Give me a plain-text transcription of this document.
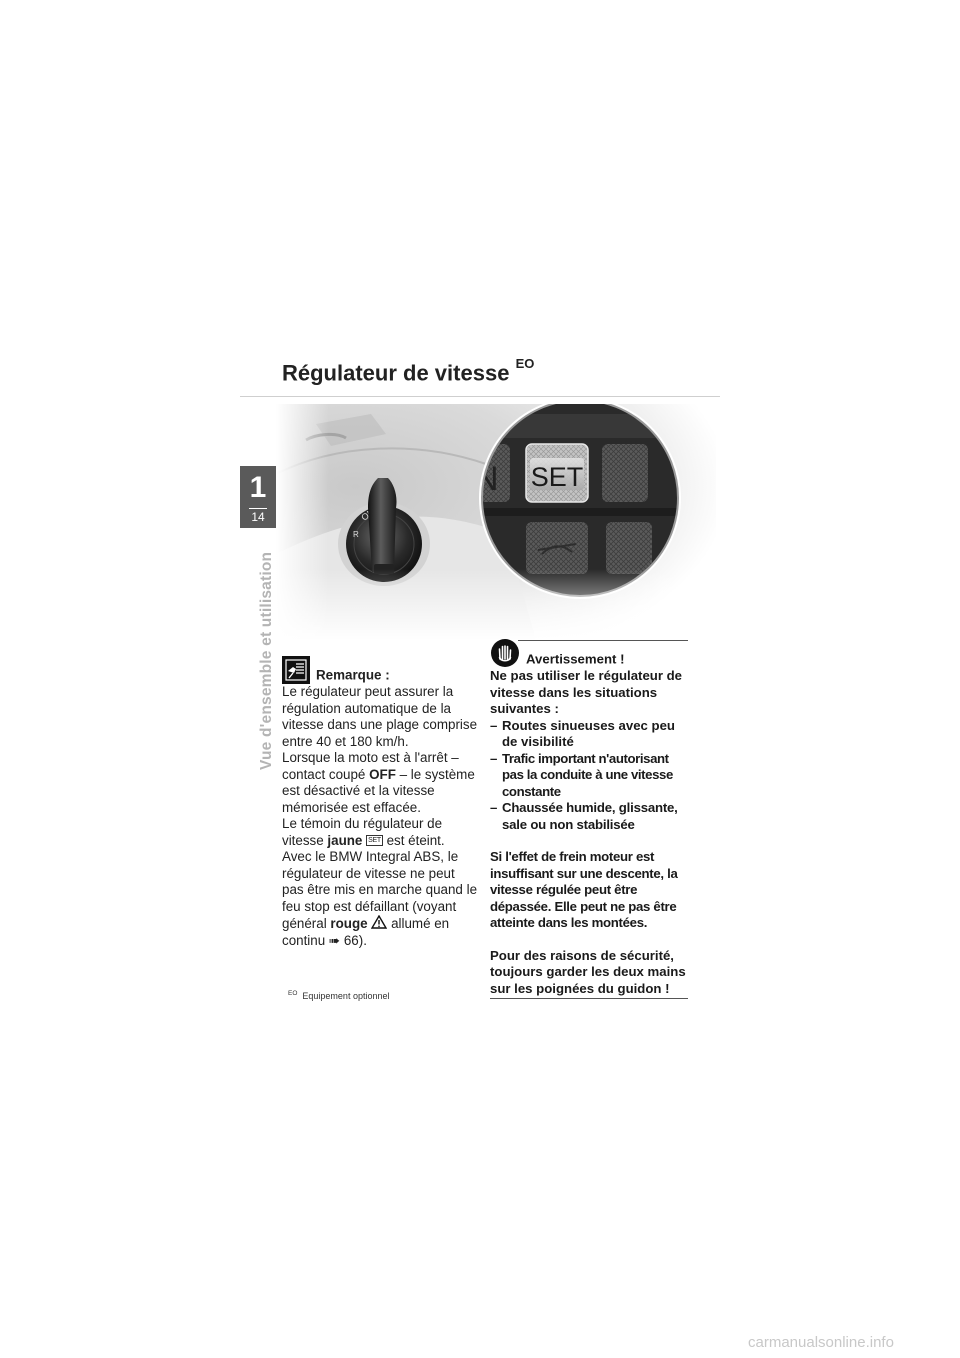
1
14
Vue d'ensemble et utilisation
Régulateur de vitesse $^{EO}$

Remarque :

Le régulateur peut assurer la régulation automatique de la vitesse dans une plage comprise entre 40 et 180 km/h.

Lorsque la moto est à l'arrêt – contact coupé OFF – le système est désactivé et la vitesse mémorisée est effacée.

Le témoin du régulateur de vitesse jaune SET est éteint.

Avec le BMW Integral ABS, le régulateur de vitesse ne peut pas être mis en marche quand le feu stop est défaillant (voyant général rouge  allumé en continu ➠ 66).

$^{EO}$ Equipement optionnel

Avertissement !

Ne pas utiliser le régulateur de vitesse dans les situations suivantes :

– Routes sinueuses avec peu de visibilité
– Trafic important n'autorisant pas la conduite à une vitesse constante
– Chaussée humide, glissante, sale ou non stabilisée

Si l'effet de frein moteur est insuffisant sur une descente, la vitesse régulée peut être dépassée. Elle peut ne pas être atteinte dans les montées.

Pour des raisons de sécurité, toujours garder les deux mains sur les poignées du guidon !

carmanualsonline.info
